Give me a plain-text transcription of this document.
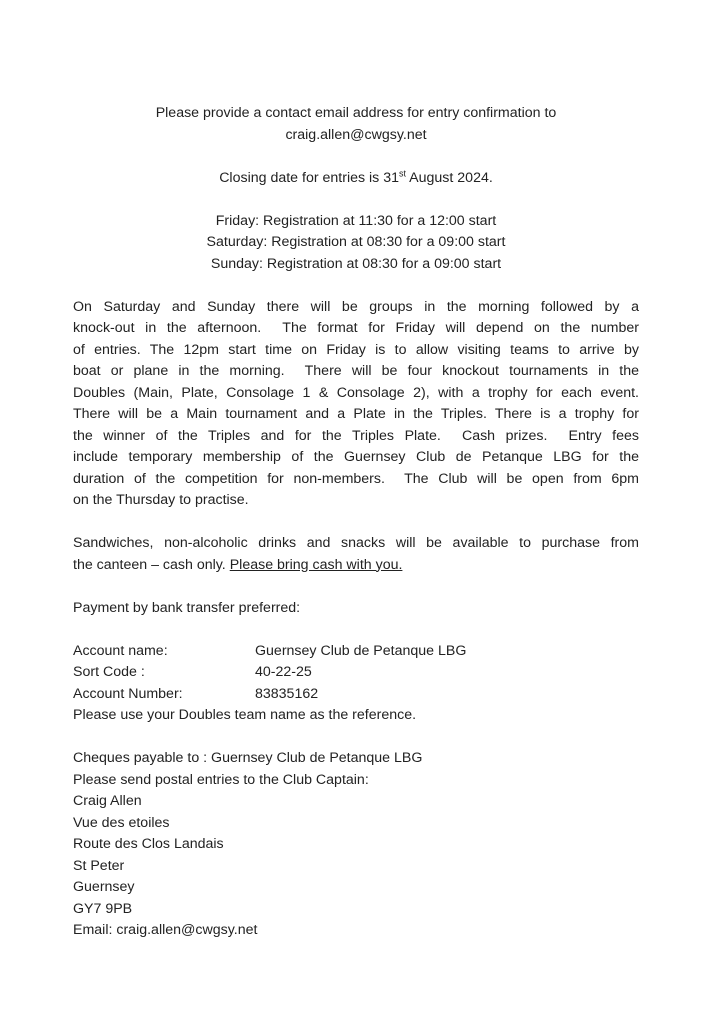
Please provide a contact email address for entry confirmation to
craig.allen@cwgsy.net
Closing date for entries is 31st August 2024.
Friday: Registration at 11:30 for a 12:00 start
Saturday: Registration at 08:30 for a 09:00 start
Sunday: Registration at 08:30 for a 09:00 start
On Saturday and Sunday there will be groups in the morning followed by a
knock-out in the afternoon.  The format for Friday will depend on the number
of entries. The 12pm start time on Friday is to allow visiting teams to arrive by
boat or plane in the morning.  There will be four knockout tournaments in the
Doubles (Main, Plate, Consolage 1 & Consolage 2), with a trophy for each event.
There will be a Main tournament and a Plate in the Triples. There is a trophy for
the winner of the Triples and for the Triples Plate.  Cash prizes.  Entry fees
include temporary membership of the Guernsey Club de Petanque LBG for the
duration of the competition for non-members.  The Club will be open from 6pm
on the Thursday to practise.
Sandwiches, non-alcoholic drinks and snacks will be available to purchase from
the canteen – cash only. Please bring cash with you.
Payment by bank transfer preferred:
Account name:	Guernsey Club de Petanque LBG
Sort Code :	40-22-25
Account Number:	83835162
Please use your Doubles team name as the reference.
Cheques payable to : Guernsey Club de Petanque LBG
Please send postal entries to the Club Captain:
Craig Allen
Vue des etoiles
Route des Clos Landais
St Peter
Guernsey
GY7 9PB
Email: craig.allen@cwgsy.net
